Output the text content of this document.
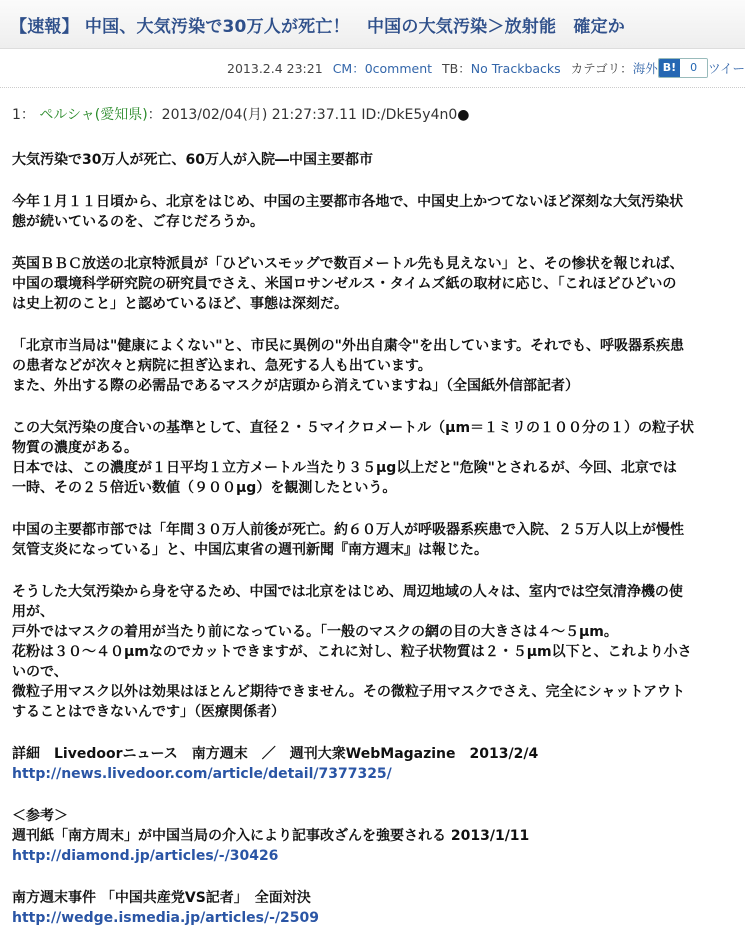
【速報】 中国、大気汚染で30万人が死亡！　中国の大気汚染＞放射能　確定か
2013.2.4 23:21 CM：0comment TB： No Trackbacks カテゴリ： 海外 B!	0 ツイー
1： ペルシャ(愛知県)：2013/02/04(月) 21:27:37.11 ID:/DkE5y4n0●

大気汚染で30万人が死亡、60万人が入院―中国主要都市

今年１月１１日頃から、北京をはじめ、中国の主要都市各地で、中国史上かつてないほど深刻な大気汚染状
態が続いているのを、ご存じだろうか。

英国ＢＢＣ放送の北京特派員が「ひどいスモッグで数百メートル先も見えない」と、その惨状を報じれば、
中国の環境科学研究院の研究員でさえ、米国ロサンゼルス・タイムズ紙の取材に応じ、「これほどひどいの
は史上初のこと」と認めているほど、事態は深刻だ。

「北京市当局は"健康によくない"と、市民に異例の"外出自粛令"を出しています。それでも、呼吸器系疾患
の患者などが次々と病院に担ぎ込まれ、急死する人も出ています。
また、外出する際の必需品であるマスクが店頭から消えていますね」（全国紙外信部記者）

この大気汚染の度合いの基準として、直径２・５マイクロメートル（μm＝１ミリの１００分の１）の粒子状
物質の濃度がある。
日本では、この濃度が１日平均１立方メートル当たり３５μg以上だと"危険"とされるが、今回、北京では
一時、その２５倍近い数値（９００μg）を観測したという。

中国の主要都市部では「年間３０万人前後が死亡。約６０万人が呼吸器系疾患で入院、２５万人以上が慢性
気管支炎になっている」と、中国広東省の週刊新聞『南方週末』は報じた。

そうした大気汚染から身を守るため、中国では北京をはじめ、周辺地域の人々は、室内では空気清浄機の使
用が、
戸外ではマスクの着用が当たり前になっている。「一般のマスクの網の目の大きさは４～５μm。
花粉は３０～４０μmなのでカットできますが、これに対し、粒子状物質は２・５μm以下と、これより小さ
いので、
微粒子用マスク以外は効果はほとんど期待できません。その微粒子用マスクでさえ、完全にシャットアウト
することはできないんです」（医療関係者）

詳細　Livedoorニュース　南方週末　／　週刊大衆WebMagazine　2013/2/4
http://news.livedoor.com/article/detail/7377325/

＜参考＞
週刊紙「南方周末」が中国当局の介入により記事改ざんを強要される 2013/1/11
http://diamond.jp/articles/-/30426

南方週末事件 「中国共産党VS記者」　全面対決
http://wedge.ismedia.jp/articles/-/2509
